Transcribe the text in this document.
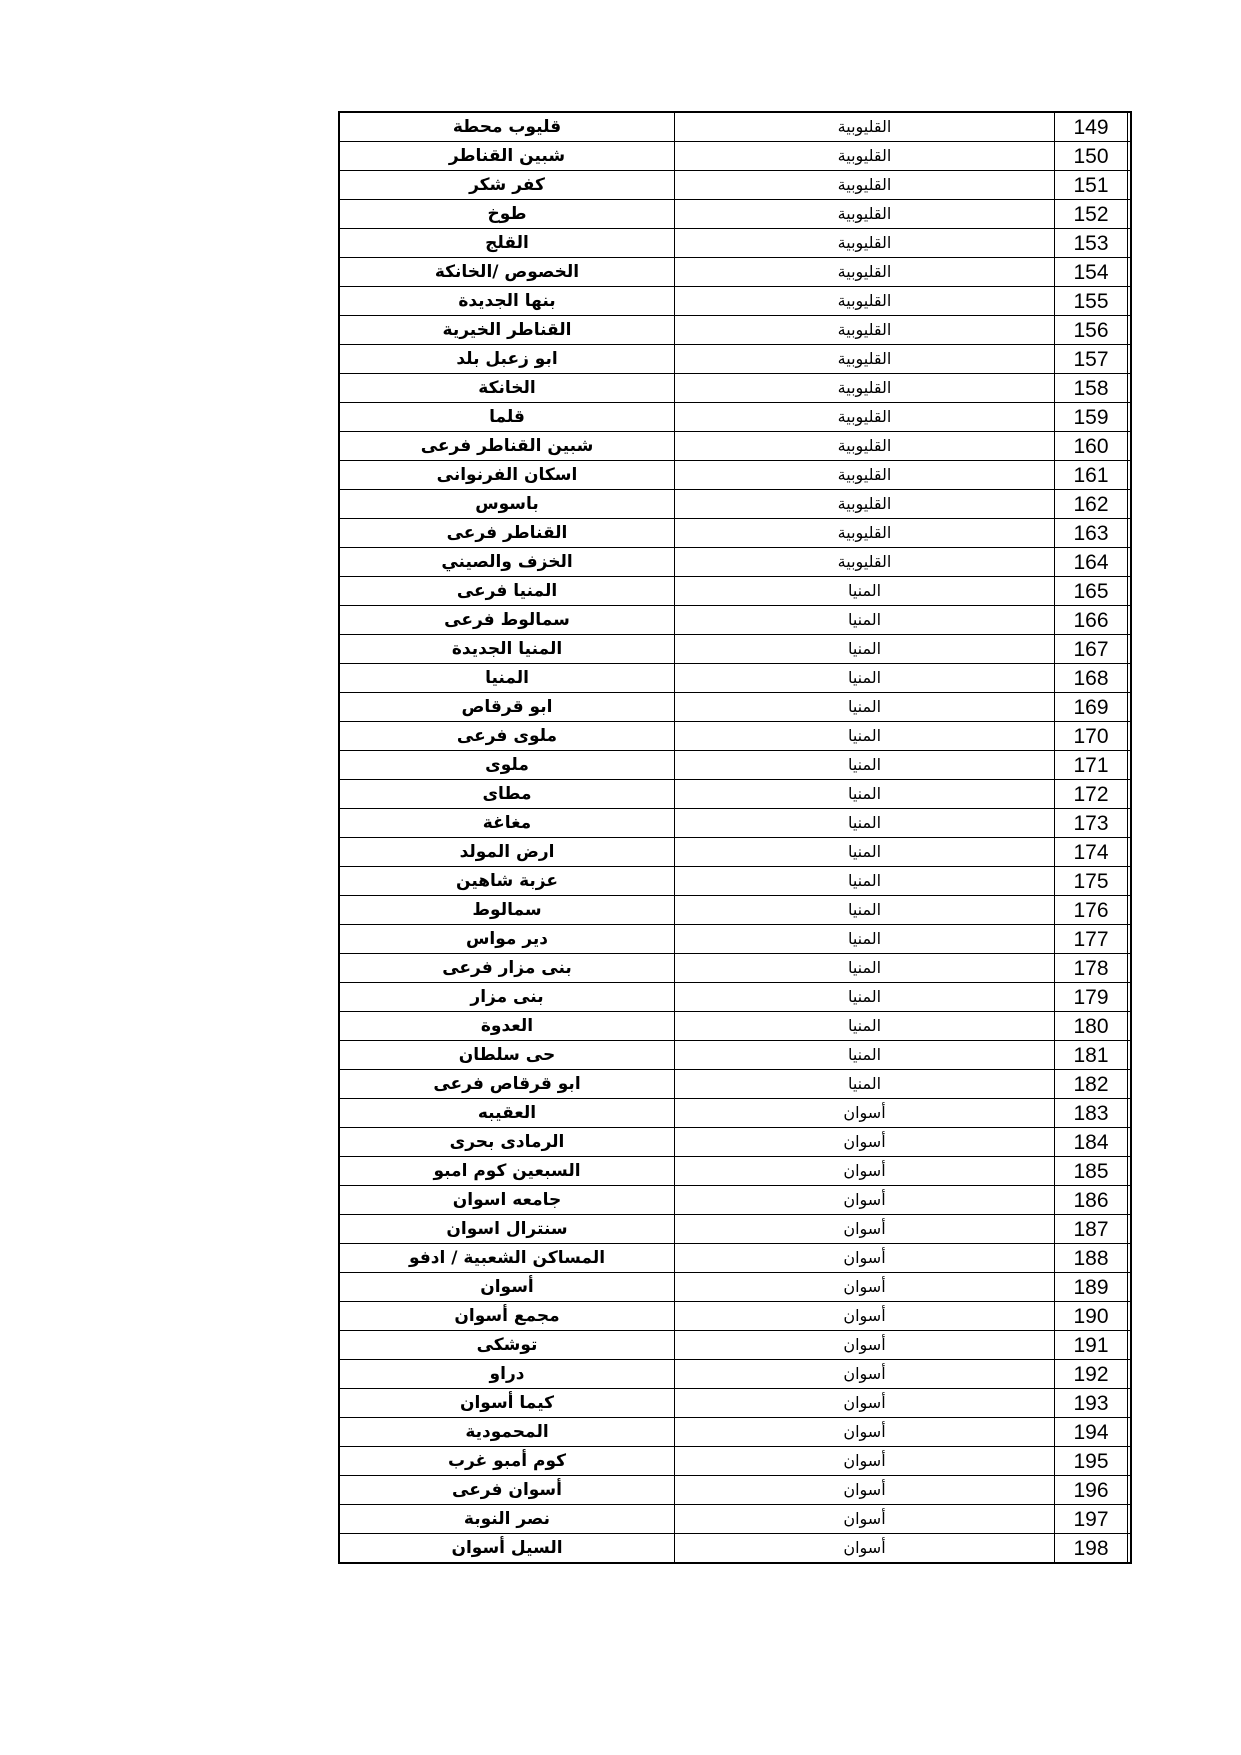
قليوب محطة	القليوبية	149	
شبين القناطر	القليوبية	150	
كفر شكر	القليوبية	151	
طوخ	القليوبية	152	
القلج	القليوبية	153	
الخصوص /الخانكة	القليوبية	154	
بنها الجديدة	القليوبية	155	
القناطر الخيرية	القليوبية	156	
ابو زعبل بلد	القليوبية	157	
الخانكة	القليوبية	158	
قلما	القليوبية	159	
شبين القناطر فرعى	القليوبية	160	
اسكان الفرنوانى	القليوبية	161	
باسوس	القليوبية	162	
القناطر فرعى	القليوبية	163	
الخزف والصيني	القليوبية	164	
المنيا فرعى	المنيا	165	
سمالوط فرعى	المنيا	166	
المنيا الجديدة	المنيا	167	
المنيا	المنيا	168	
ابو قرقاص	المنيا	169	
ملوى فرعى	المنيا	170	
ملوى	المنيا	171	
مطاى	المنيا	172	
مغاغة	المنيا	173	
ارض المولد	المنيا	174	
عزبة شاهين	المنيا	175	
سمالوط	المنيا	176	
دير مواس	المنيا	177	
بنى مزار فرعى	المنيا	178	
بنى مزار	المنيا	179	
العدوة	المنيا	180	
حى سلطان	المنيا	181	
ابو قرقاص فرعى	المنيا	182	
العقيبه	أسوان	183	
الرمادى بحرى	أسوان	184	
السبعين كوم امبو	أسوان	185	
جامعه اسوان	أسوان	186	
سنترال اسوان	أسوان	187	
المساكن الشعبية / ادفو	أسوان	188	
أسوان	أسوان	189	
مجمع أسوان	أسوان	190	
توشكى	أسوان	191	
دراو	أسوان	192	
كيما أسوان	أسوان	193	
المحمودية	أسوان	194	
كوم أمبو غرب	أسوان	195	
أسوان فرعى	أسوان	196	
نصر النوبة	أسوان	197	
السيل أسوان	أسوان	198	
